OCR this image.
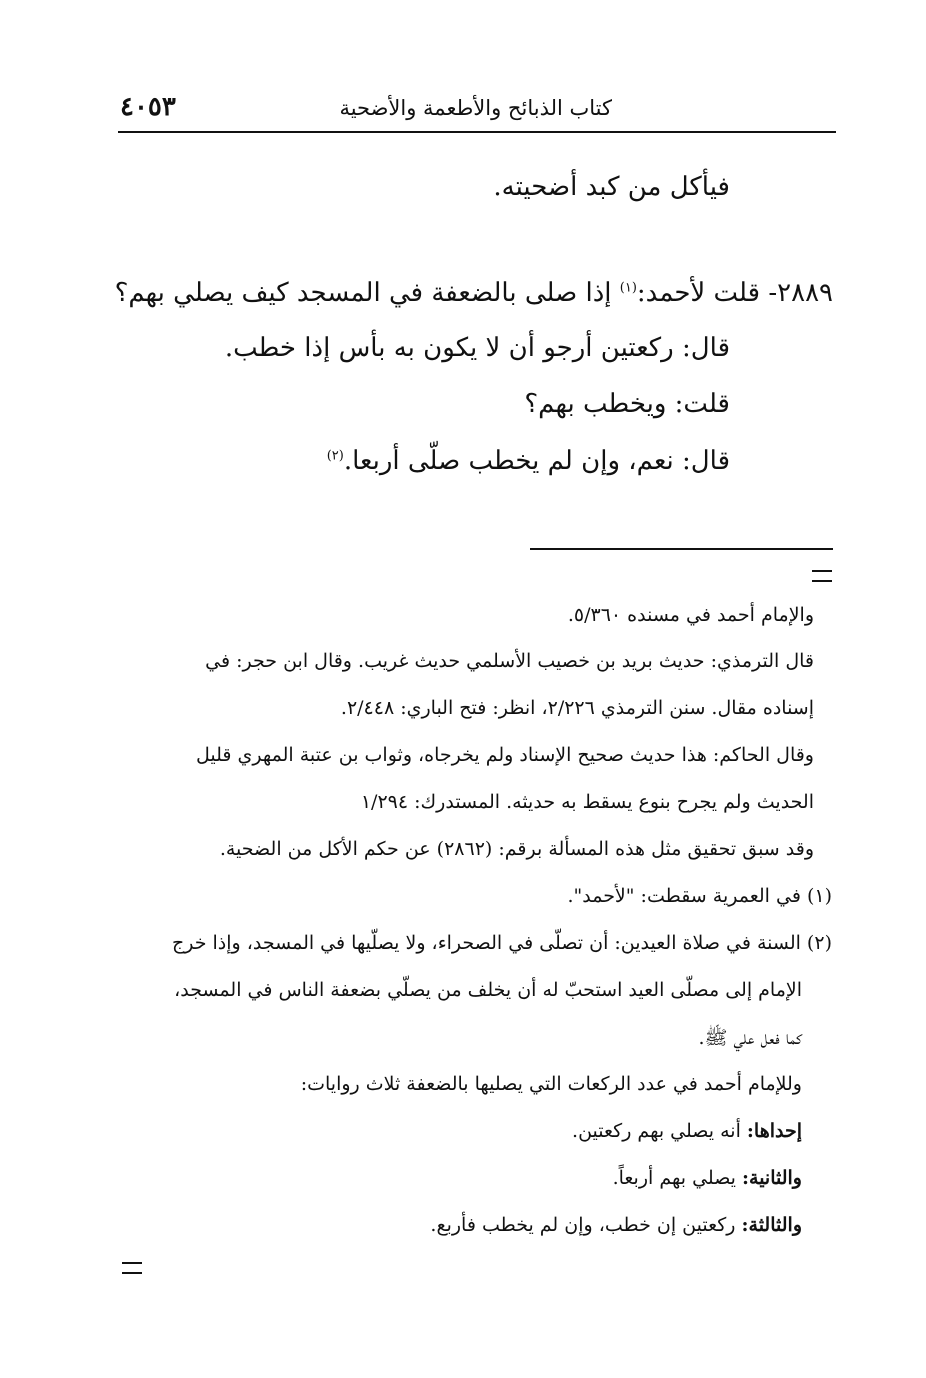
٤٠٥٣	كتاب الذبائح والأطعمة والأضحية
فيأكل من كبد أضحيته.
٢٨٨٩- قلت لأحمد:$^{(١)}$ إذا صلى بالضعفة في المسجد كيف يصلي بهم؟
قال: ركعتين أرجو أن لا يكون به بأس إذا خطب.
قلت: ويخطب بهم؟
قال: نعم، وإن لم يخطب صلّى أربعا.$^{(٢)}$
والإمام أحمد في مسنده ٥/٣٦٠.
قال الترمذي: حديث بريد بن خصيب الأسلمي حديث غريب. وقال ابن حجر: في
إسناده مقال. سنن الترمذي ٢/٢٢٦، انظر: فتح الباري: ٢/٤٤٨.
وقال الحاكم: هذا حديث صحيح الإسناد ولم يخرجاه، وثواب بن عتبة المهري قليل
الحديث ولم يجرح بنوع يسقط به حديثه. المستدرك: ١/٢٩٤
وقد سبق تحقيق مثل هذه المسألة برقم: (٢٨٦٢) عن حكم الأكل من الضحية.
(١) في العمرية سقطت: "لأحمد".
(٢) السنة في صلاة العيدين: أن تصلّى في الصحراء، ولا يصلّيها في المسجد، وإذا خرج
الإمام إلى مصلّى العيد استحبّ له أن يخلف من يصلّي بضعفة الناس في المسجد،
كما فعل علي ﷺ.
وللإمام أحمد في عدد الركعات التي يصليها بالضعفة ثلاث روايات:
إحداها: أنه يصلي بهم ركعتين.
والثانية: يصلي بهم أربعاً.
والثالثة: ركعتين إن خطب، وإن لم يخطب فأربع.
